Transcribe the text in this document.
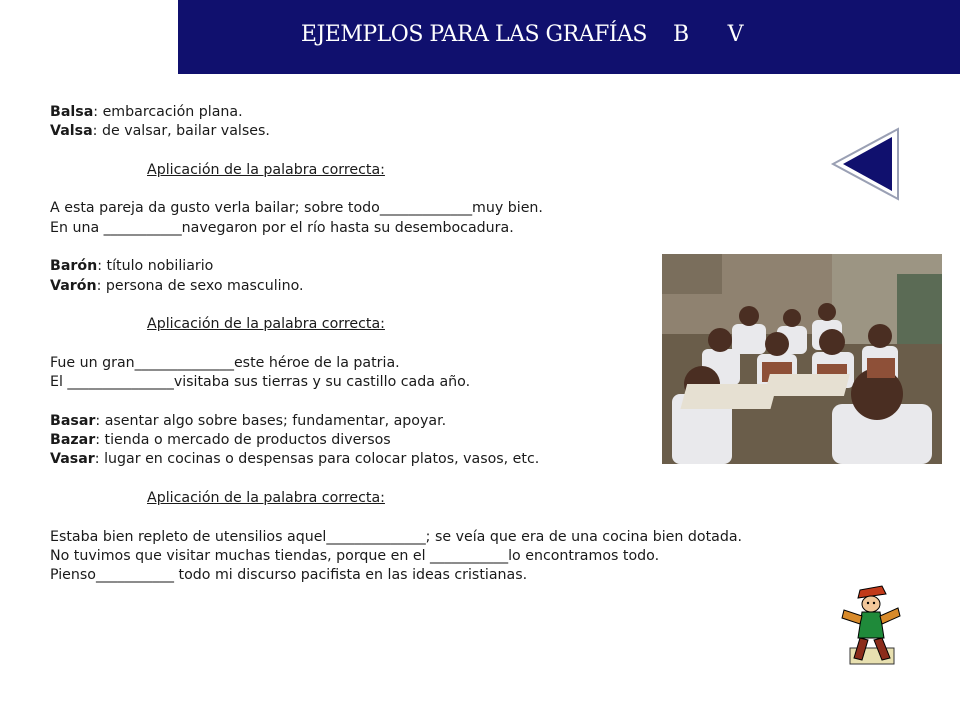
EJEMPLOS PARA LAS GRAFÍAS    B      V

Balsa: embarcación plana.

Valsa: de valsar, bailar valses.

Aplicación de la palabra correcta:

A esta pareja da gusto verla bailar; sobre todo_____________muy bien.

En una ___________navegaron por el río hasta su desembocadura.

Barón: título nobiliario

Varón: persona de sexo masculino.

Aplicación de la palabra correcta:

Fue un gran______________este héroe de la patria.

El _______________visitaba sus tierras y su castillo cada año.

Basar: asentar algo sobre bases; fundamentar, apoyar.

Bazar: tienda o mercado de productos diversos

Vasar: lugar en cocinas o despensas para colocar platos, vasos, etc.

Aplicación de la palabra correcta:

Estaba bien repleto de utensilios aquel______________; se veía que era de una cocina bien dotada.

No tuvimos que visitar muchas tiendas, porque en el ___________lo encontramos todo.

Pienso___________ todo mi discurso pacifista en las ideas cristianas.
